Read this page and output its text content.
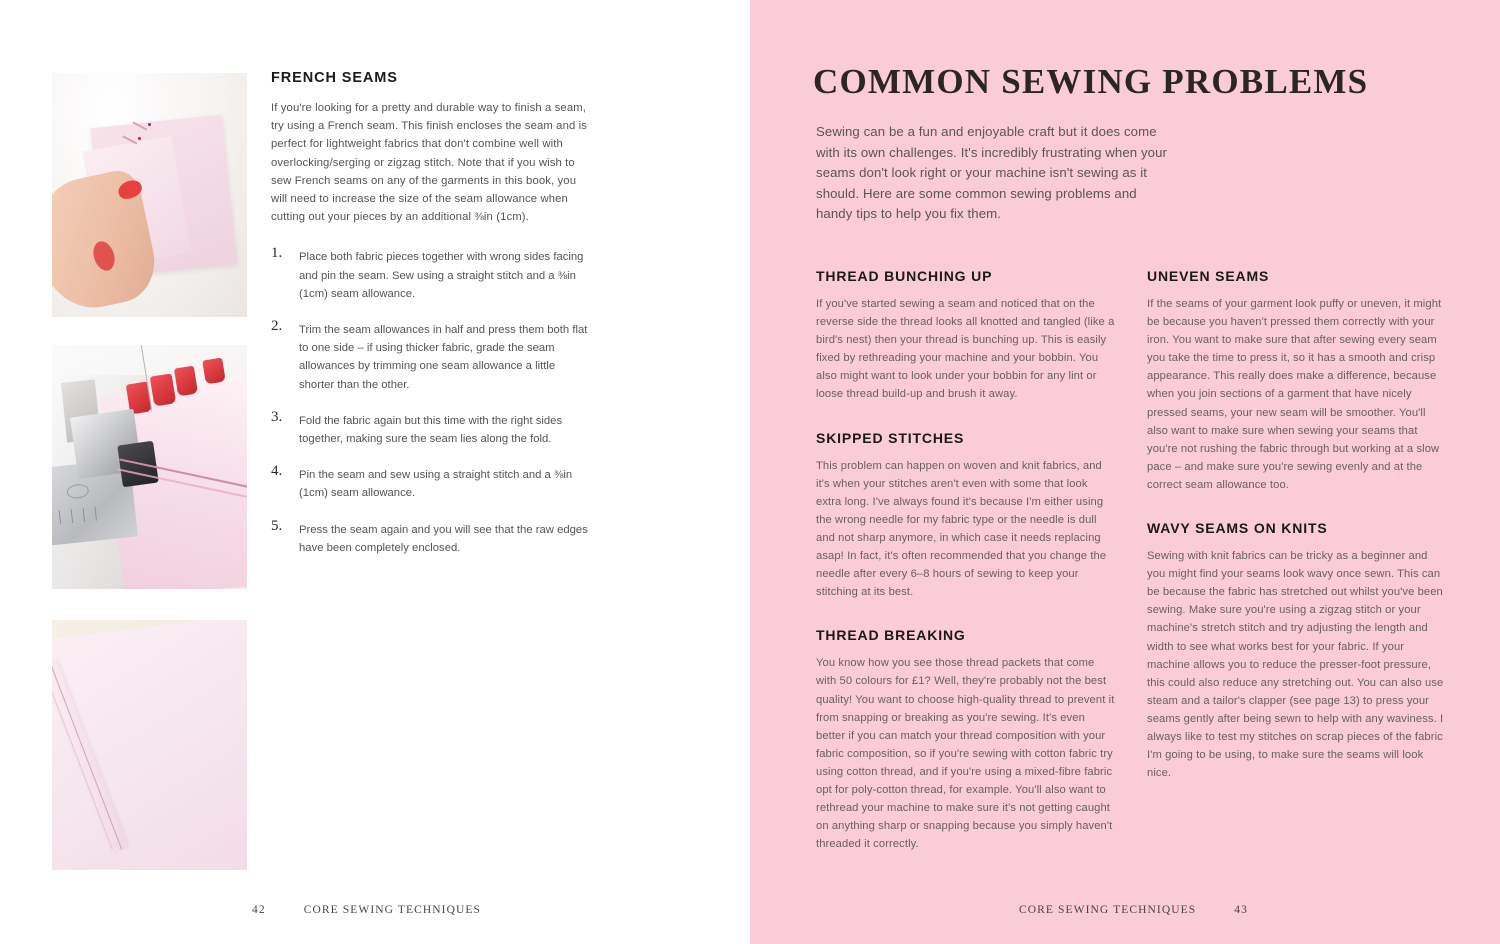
FRENCH SEAMS

If you're looking for a pretty and durable way to finish a seam, try using a French seam. This finish encloses the seam and is perfect for lightweight fabrics that don't combine well with overlocking/serging or zigzag stitch. Note that if you wish to sew French seams on any of the garments in this book, you will need to increase the size of the seam allowance when cutting out your pieces by an additional ⅜in (1cm).

1. Place both fabric pieces together with wrong sides facing and pin the seam. Sew using a straight stitch and a ⅜in (1cm) seam allowance.
2. Trim the seam allowances in half and press them both flat to one side – if using thicker fabric, grade the seam allowances by trimming one seam allowance a little shorter than the other.
3. Fold the fabric again but this time with the right sides together, making sure the seam lies along the fold.
4. Pin the seam and sew using a straight stitch and a ⅜in (1cm) seam allowance.
5. Press the seam again and you will see that the raw edges have been completely enclosed.
42	CORE SEWING TECHNIQUES
COMMON SEWING PROBLEMS

Sewing can be a fun and enjoyable craft but it does come with its own challenges. It's incredibly frustrating when your seams don't look right or your machine isn't sewing as it should. Here are some common sewing problems and handy tips to help you fix them.

THREAD BUNCHING UP

If you've started sewing a seam and noticed that on the reverse side the thread looks all knotted and tangled (like a bird's nest) then your thread is bunching up. This is easily fixed by rethreading your machine and your bobbin. You also might want to look under your bobbin for any lint or loose thread build-up and brush it away.

SKIPPED STITCHES

This problem can happen on woven and knit fabrics, and it's when your stitches aren't even with some that look extra long. I've always found it's because I'm either using the wrong needle for my fabric type or the needle is dull and not sharp anymore, in which case it needs replacing asap! In fact, it's often recommended that you change the needle after every 6–8 hours of sewing to keep your stitching at its best.

THREAD BREAKING

You know how you see those thread packets that come with 50 colours for £1? Well, they're probably not the best quality! You want to choose high-quality thread to prevent it from snapping or breaking as you're sewing. It's even better if you can match your thread composition with your fabric composition, so if you're sewing with cotton fabric try using cotton thread, and if you're using a mixed-fibre fabric opt for poly-cotton thread, for example. You'll also want to rethread your machine to make sure it's not getting caught on anything sharp or snapping because you simply haven't threaded it correctly.

UNEVEN SEAMS

If the seams of your garment look puffy or uneven, it might be because you haven't pressed them correctly with your iron. You want to make sure that after sewing every seam you take the time to press it, so it has a smooth and crisp appearance. This really does make a difference, because when you join sections of a garment that have nicely pressed seams, your new seam will be smoother. You'll also want to make sure when sewing your seams that you're not rushing the fabric through but working at a slow pace – and make sure you're sewing evenly and at the correct seam allowance too.

WAVY SEAMS ON KNITS

Sewing with knit fabrics can be tricky as a beginner and you might find your seams look wavy once sewn. This can be because the fabric has stretched out whilst you've been sewing. Make sure you're using a zigzag stitch or your machine's stretch stitch and try adjusting the length and width to see what works best for your fabric. If your machine allows you to reduce the presser-foot pressure, this could also reduce any stretching out. You can also use steam and a tailor's clapper (see page 13) to press your seams gently after being sewn to help with any waviness. I always like to test my stitches on scrap pieces of the fabric I'm going to be using, to make sure the seams will look nice.

CORE SEWING TECHNIQUES	43
